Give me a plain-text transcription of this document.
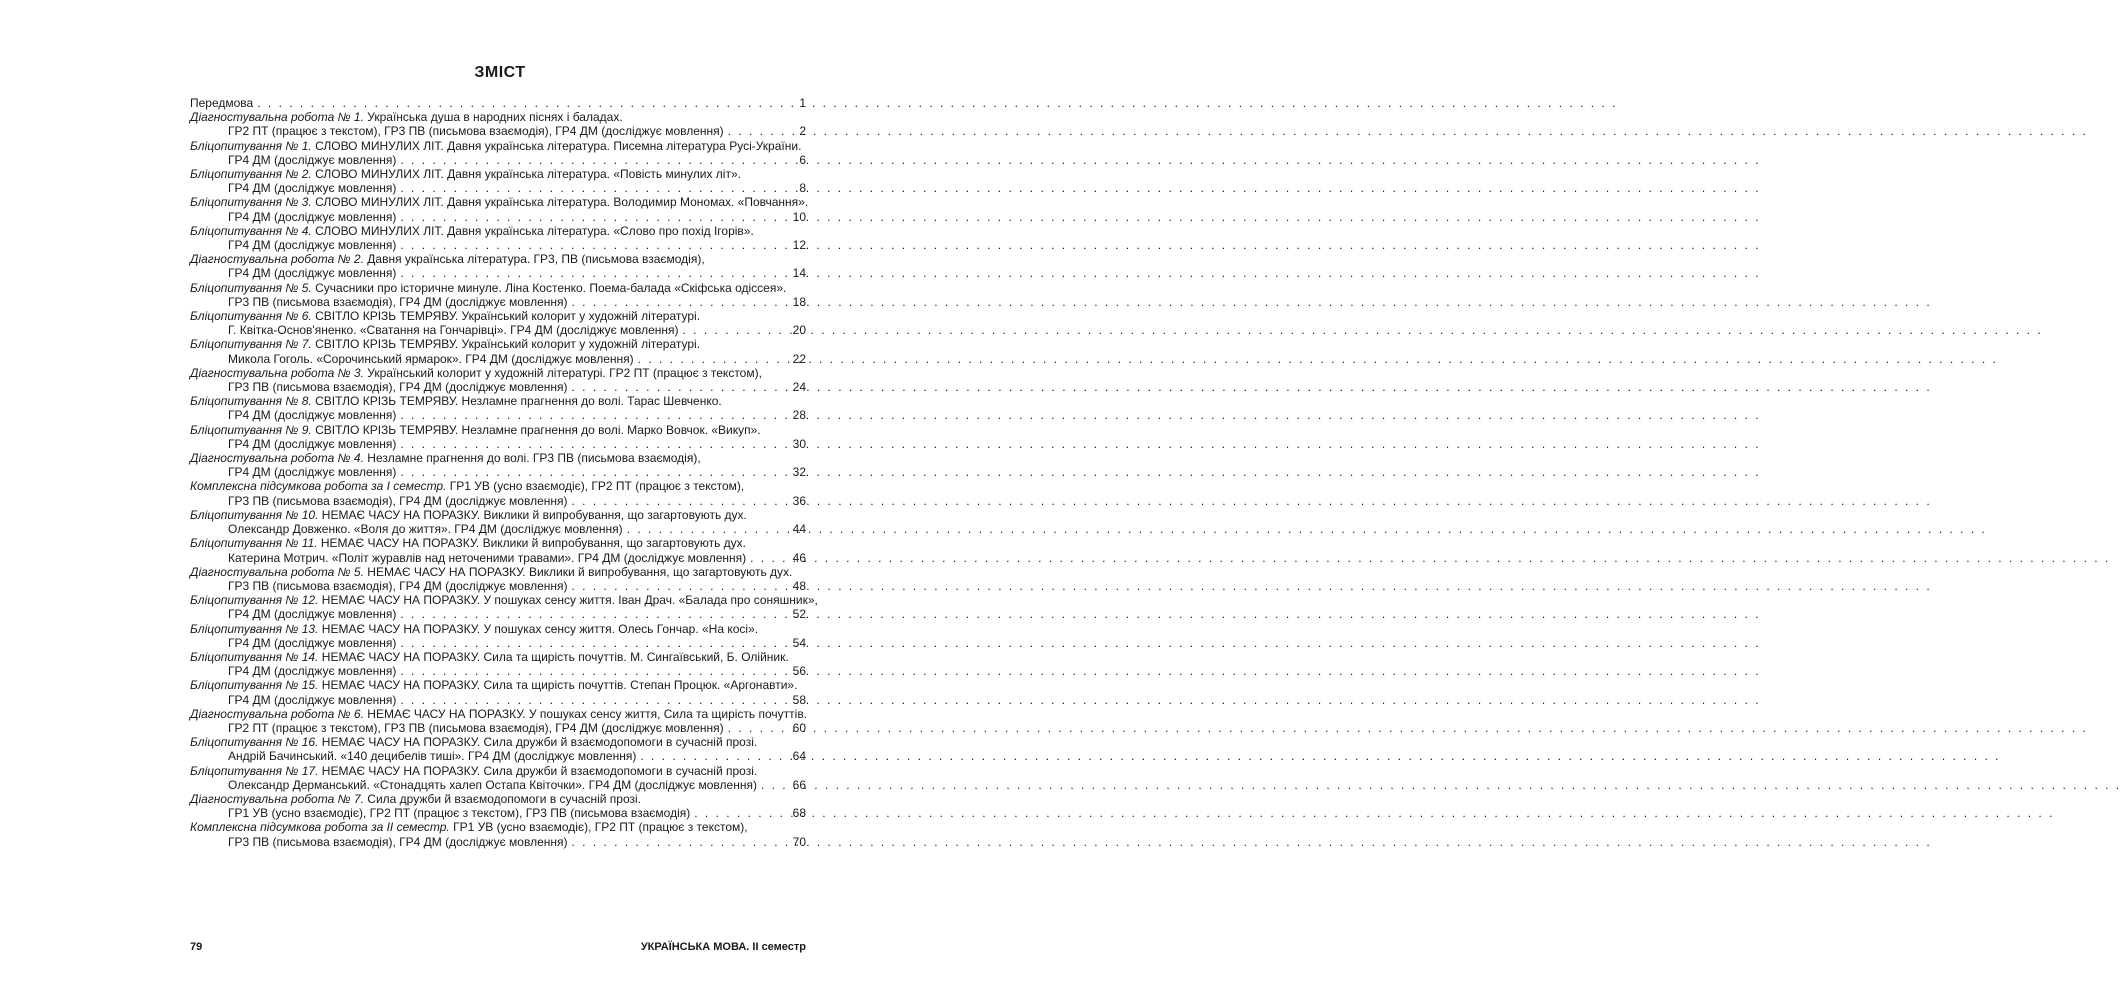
ЗМІСТ
Передмова . . .	1
Діагностувальна робота № 1. Українська душа в народних піснях і баладах.
ГР2 ПТ (працює з текстом), ГР3 ПВ (письмова взаємодія), ГР4 ДМ (досліджує мовлення) . . .	2
Бліцопитування № 1. СЛОВО МИНУЛИХ ЛІТ. Давня українська література. Писемна література Русі-України.
ГР4 ДМ (досліджує мовлення) . . .	6
Бліцопитування № 2. СЛОВО МИНУЛИХ ЛІТ. Давня українська література. «Повість минулих літ».
ГР4 ДМ (досліджує мовлення) . . .	8
Бліцопитування № 3. СЛОВО МИНУЛИХ ЛІТ. Давня українська література. Володимир Мономах. «Повчання».
ГР4 ДМ (досліджує мовлення) . . .	10
Бліцопитування № 4. СЛОВО МИНУЛИХ ЛІТ. Давня українська література. «Слово про похід Ігорів».
ГР4 ДМ (досліджує мовлення) . . .	12
Діагностувальна робота № 2. Давня українська література. ГР3, ПВ (письмова взаємодія),
ГР4 ДМ (досліджує мовлення) . . .	14
Бліцопитування № 5. Сучасники про історичне минуле. Ліна Костенко. Поема-балада «Скіфська одіссея».
ГР3 ПВ (письмова взаємодія), ГР4 ДМ (досліджує мовлення) . . .	18
Бліцопитування № 6. СВІТЛО КРІЗЬ ТЕМРЯВУ. Український колорит у художній літературі.
Г. Квітка-Основ'яненко. «Сватання на Гончарівці». ГР4 ДМ (досліджує мовлення) . . .	20
Бліцопитування № 7. СВІТЛО КРІЗЬ ТЕМРЯВУ. Український колорит у художній літературі.
Микола Гоголь. «Сорочинський ярмарок». ГР4 ДМ (досліджує мовлення) . . .	22
Діагностувальна робота № 3. Український колорит у художній літературі. ГР2 ПТ (працює з текстом),
ГР3 ПВ (письмова взаємодія), ГР4 ДМ (досліджує мовлення) . . .	24
Бліцопитування № 8. СВІТЛО КРІЗЬ ТЕМРЯВУ. Незламне прагнення до волі. Тарас Шевченко.
ГР4 ДМ (досліджує мовлення) . . .	28
Бліцопитування № 9. СВІТЛО КРІЗЬ ТЕМРЯВУ. Незламне прагнення до волі. Марко Вовчок. «Викуп».
ГР4 ДМ (досліджує мовлення) . . .	30
Діагностувальна робота № 4. Незламне прагнення до волі. ГР3 ПВ (письмова взаємодія),
ГР4 ДМ (досліджує мовлення) . . .	32
Комплексна підсумкова робота за І семестр. ГР1 УВ (усно взаємодіє), ГР2 ПТ (працює з текстом),
ГР3 ПВ (письмова взаємодія), ГР4 ДМ (досліджує мовлення) . . .	36
Бліцопитування № 10. НЕМАЄ ЧАСУ НА ПОРАЗКУ. Виклики й випробування, що загартовують дух.
Олександр Довженко. «Воля до життя». ГР4 ДМ (досліджує мовлення) . . .	44
Бліцопитування № 11. НЕМАЄ ЧАСУ НА ПОРАЗКУ. Виклики й випробування, що загартовують дух.
Катерина Мотрич. «Політ журавлів над неточеними травами». ГР4 ДМ (досліджує мовлення) . . .	46
Діагностувальна робота № 5. НЕМАЄ ЧАСУ НА ПОРАЗКУ. Виклики й випробування, що загартовують дух.
ГР3 ПВ (письмова взаємодія), ГР4 ДМ (досліджує мовлення) . . .	48
Бліцопитування № 12. НЕМАЄ ЧАСУ НА ПОРАЗКУ. У пошуках сенсу життя. Іван Драч. «Балада про соняшник»,
ГР4 ДМ (досліджує мовлення) . . .	52
Бліцопитування № 13. НЕМАЄ ЧАСУ НА ПОРАЗКУ. У пошуках сенсу життя. Олесь Гончар. «На косі».
ГР4 ДМ (досліджує мовлення) . . .	54
Бліцопитування № 14. НЕМАЄ ЧАСУ НА ПОРАЗКУ. Сила та щирість почуттів. М. Сингаївський, Б. Олійник.
ГР4 ДМ (досліджує мовлення) . . .	56
Бліцопитування № 15. НЕМАЄ ЧАСУ НА ПОРАЗКУ. Сила та щирість почуттів. Степан Процюк. «Аргонавти».
ГР4 ДМ (досліджує мовлення) . . .	58
Діагностувальна робота № 6. НЕМАЄ ЧАСУ НА ПОРАЗКУ. У пошуках сенсу життя, Сила та щирість почуттів.
ГР2 ПТ (працює з текстом), ГР3 ПВ (письмова взаємодія), ГР4 ДМ (досліджує мовлення) . . .	60
Бліцопитування № 16. НЕМАЄ ЧАСУ НА ПОРАЗКУ. Сила дружби й взаємодопомоги в сучасній прозі.
Андрій Бачинський. «140 децибелів тиші». ГР4 ДМ (досліджує мовлення) . . .	64
Бліцопитування № 17. НЕМАЄ ЧАСУ НА ПОРАЗКУ. Сила дружби й взаємодопомоги в сучасній прозі.
Олександр Дерманський. «Стонадцять халеп Остапа Квіточки». ГР4 ДМ (досліджує мовлення) . . .	66
Діагностувальна робота № 7. Сила дружби й взаємодопомоги в сучасній прозі.
ГР1 УВ (усно взаємодіє), ГР2 ПТ (працює з текстом), ГР3 ПВ (письмова взаємодія) . . .	68
Комплексна підсумкова робота за ІІ семестр. ГР1 УВ (усно взаємодіє), ГР2 ПТ (працює з текстом),
ГР3 ПВ (письмова взаємодія), ГР4 ДМ (досліджує мовлення) . . .	70
79	УКРАЇНСЬКА МОВА. ІІ семестр
